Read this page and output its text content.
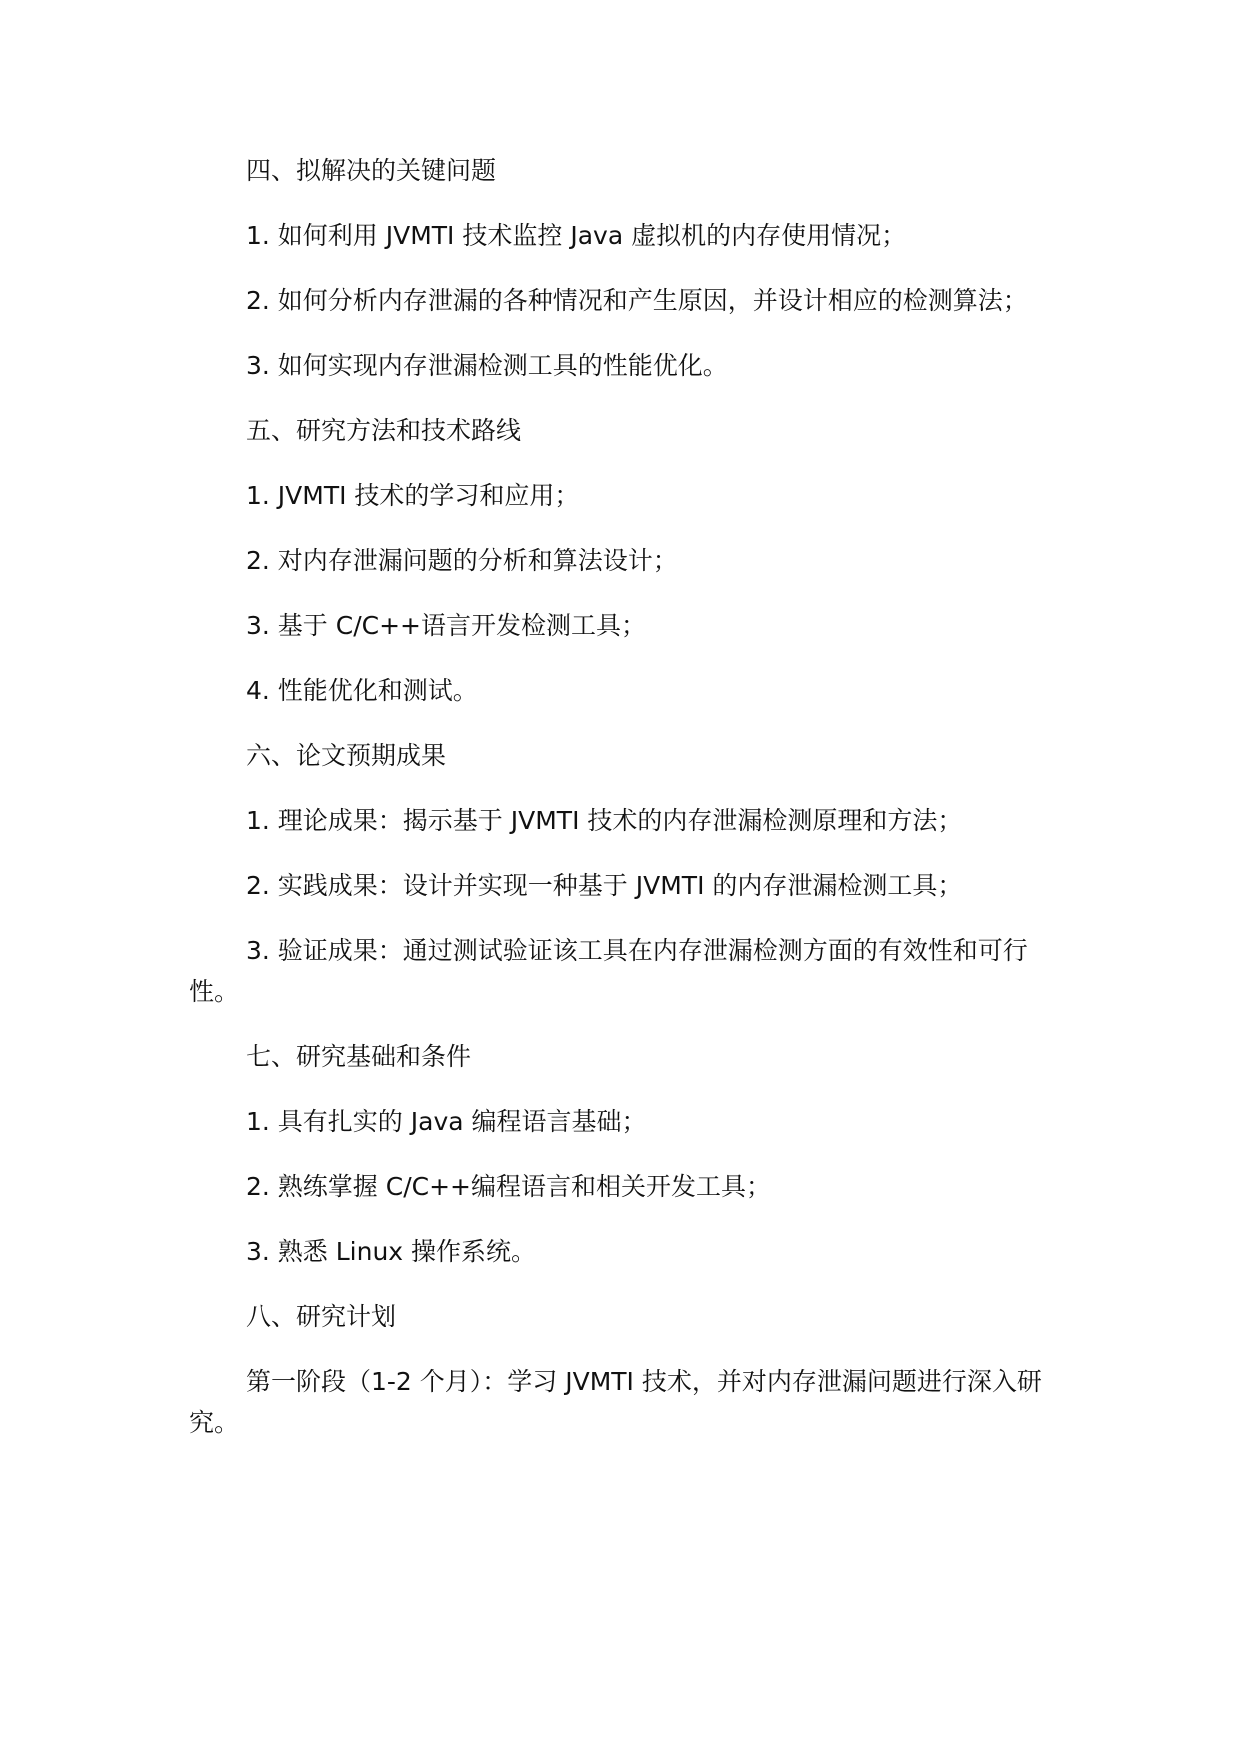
四、拟解决的关键问题

1. 如何利用 JVMTI 技术监控 Java 虚拟机的内存使用情况；

2. 如何分析内存泄漏的各种情况和产生原因，并设计相应的检测算法；

3. 如何实现内存泄漏检测工具的性能优化。

五、研究方法和技术路线

1. JVMTI 技术的学习和应用；

2. 对内存泄漏问题的分析和算法设计；

3. 基于 C/C++语言开发检测工具；

4. 性能优化和测试。

六、论文预期成果

1. 理论成果：揭示基于 JVMTI 技术的内存泄漏检测原理和方法；

2. 实践成果：设计并实现一种基于 JVMTI 的内存泄漏检测工具；

3. 验证成果：通过测试验证该工具在内存泄漏检测方面的有效性和可行性。

七、研究基础和条件

1. 具有扎实的 Java 编程语言基础；

2. 熟练掌握 C/C++编程语言和相关开发工具；

3. 熟悉 Linux 操作系统。

八、研究计划

第一阶段（1-2 个月）：学习 JVMTI 技术，并对内存泄漏问题进行深入研究。
